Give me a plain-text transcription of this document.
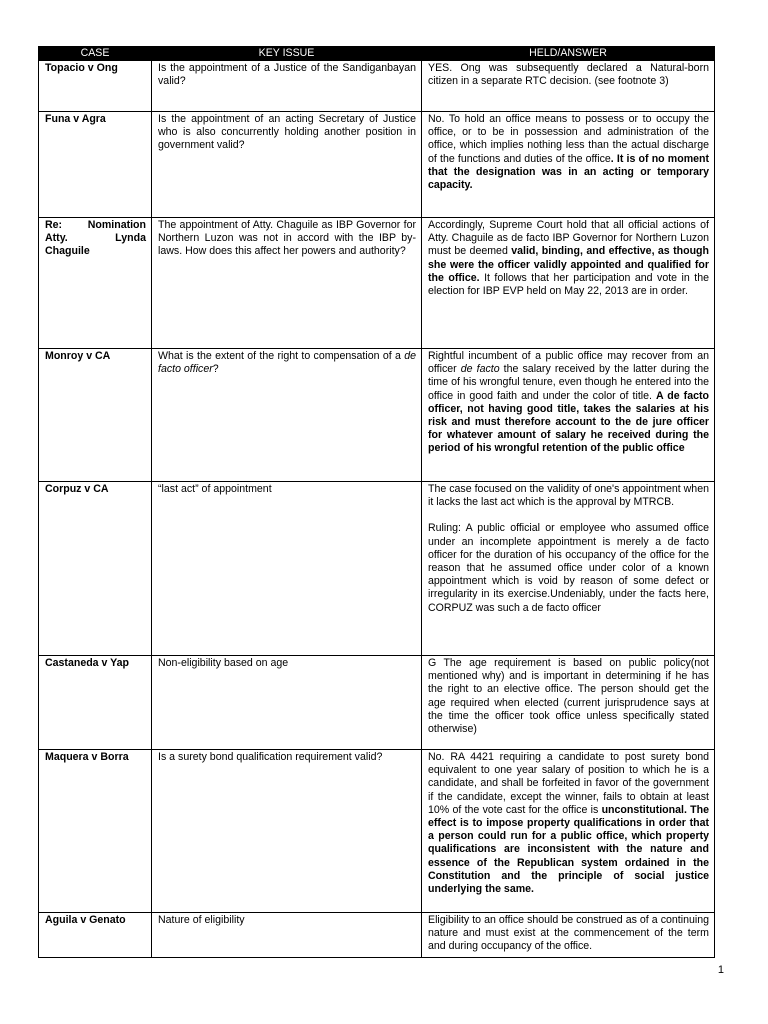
CASE	KEY ISSUE	HELD/ANSWER
Topacio v Ong	Is the appointment of a Justice of the Sandiganbayan valid?	YES. Ong was subsequently declared a Natural-born citizen in a separate RTC decision. (see footnote 3)
Funa v Agra	Is the appointment of an acting Secretary of Justice who is also concurrently holding another position in government valid?	No. To hold an office means to possess or to occupy the office, or to be in possession and administration of the office, which implies nothing less than the actual discharge of the functions and duties of the office. It is of no moment that the designation was in an acting or temporary capacity.
Re: Nomination Atty. Lynda Chaguile	The appointment of Atty. Chaguile as IBP Governor for Northern Luzon was not in accord with the IBP by-laws. How does this affect her powers and authority?	Accordingly, Supreme Court hold that all official actions of Atty. Chaguile as de facto IBP Governor for Northern Luzon must be deemed valid, binding, and effective, as though she were the officer validly appointed and qualified for the office. It follows that her participation and vote in the election for IBP EVP held on May 22, 2013 are in order.
Monroy v CA	What is the extent of the right to compensation of a de facto officer?	Rightful incumbent of a public office may recover from an officer de facto the salary received by the latter during the time of his wrongful tenure, even though he entered into the office in good faith and under the color of title. A de facto officer, not having good title, takes the salaries at his risk and must therefore account to the de jure officer for whatever amount of salary he received during the period of his wrongful retention of the public office
Corpuz v CA	“last act” of appointment	The case focused on the validity of one's appointment when it lacks the last act which is the approval by MTRCB.
Ruling: A public official or employee who assumed office under an incomplete appointment is merely a de facto officer for the duration of his occupancy of the office for the reason that he assumed office under color of a known appointment which is void by reason of some defect or irregularity in its exercise.Undeniably, under the facts here, CORPUZ was such a de facto officer

Castaneda v Yap	Non-eligibility based on age	G The age requirement is based on public policy(not mentioned why) and is important in determining if he has the right to an elective office. The person should get the age required when elected (current jurisprudence says at the time the officer took office unless specifically stated otherwise)
Maquera v Borra	Is a surety bond qualification requirement valid?	No. RA 4421 requiring a candidate to post surety bond equivalent to one year salary of position to which he is a candidate, and shall be forfeited in favor of the government if the candidate, except the winner, fails to obtain at least 10% of the vote cast for the office is unconstitutional. The effect is to impose property qualifications in order that a person could run for a public office, which property qualifications are inconsistent with the nature and essence of the Republican system ordained in the Constitution and the principle of social justice underlying the same.
Aguila v Genato	Nature of eligibility	Eligibility to an office should be construed as of a continuing nature and must exist at the commencement of the term and during occupancy of the office.
1
